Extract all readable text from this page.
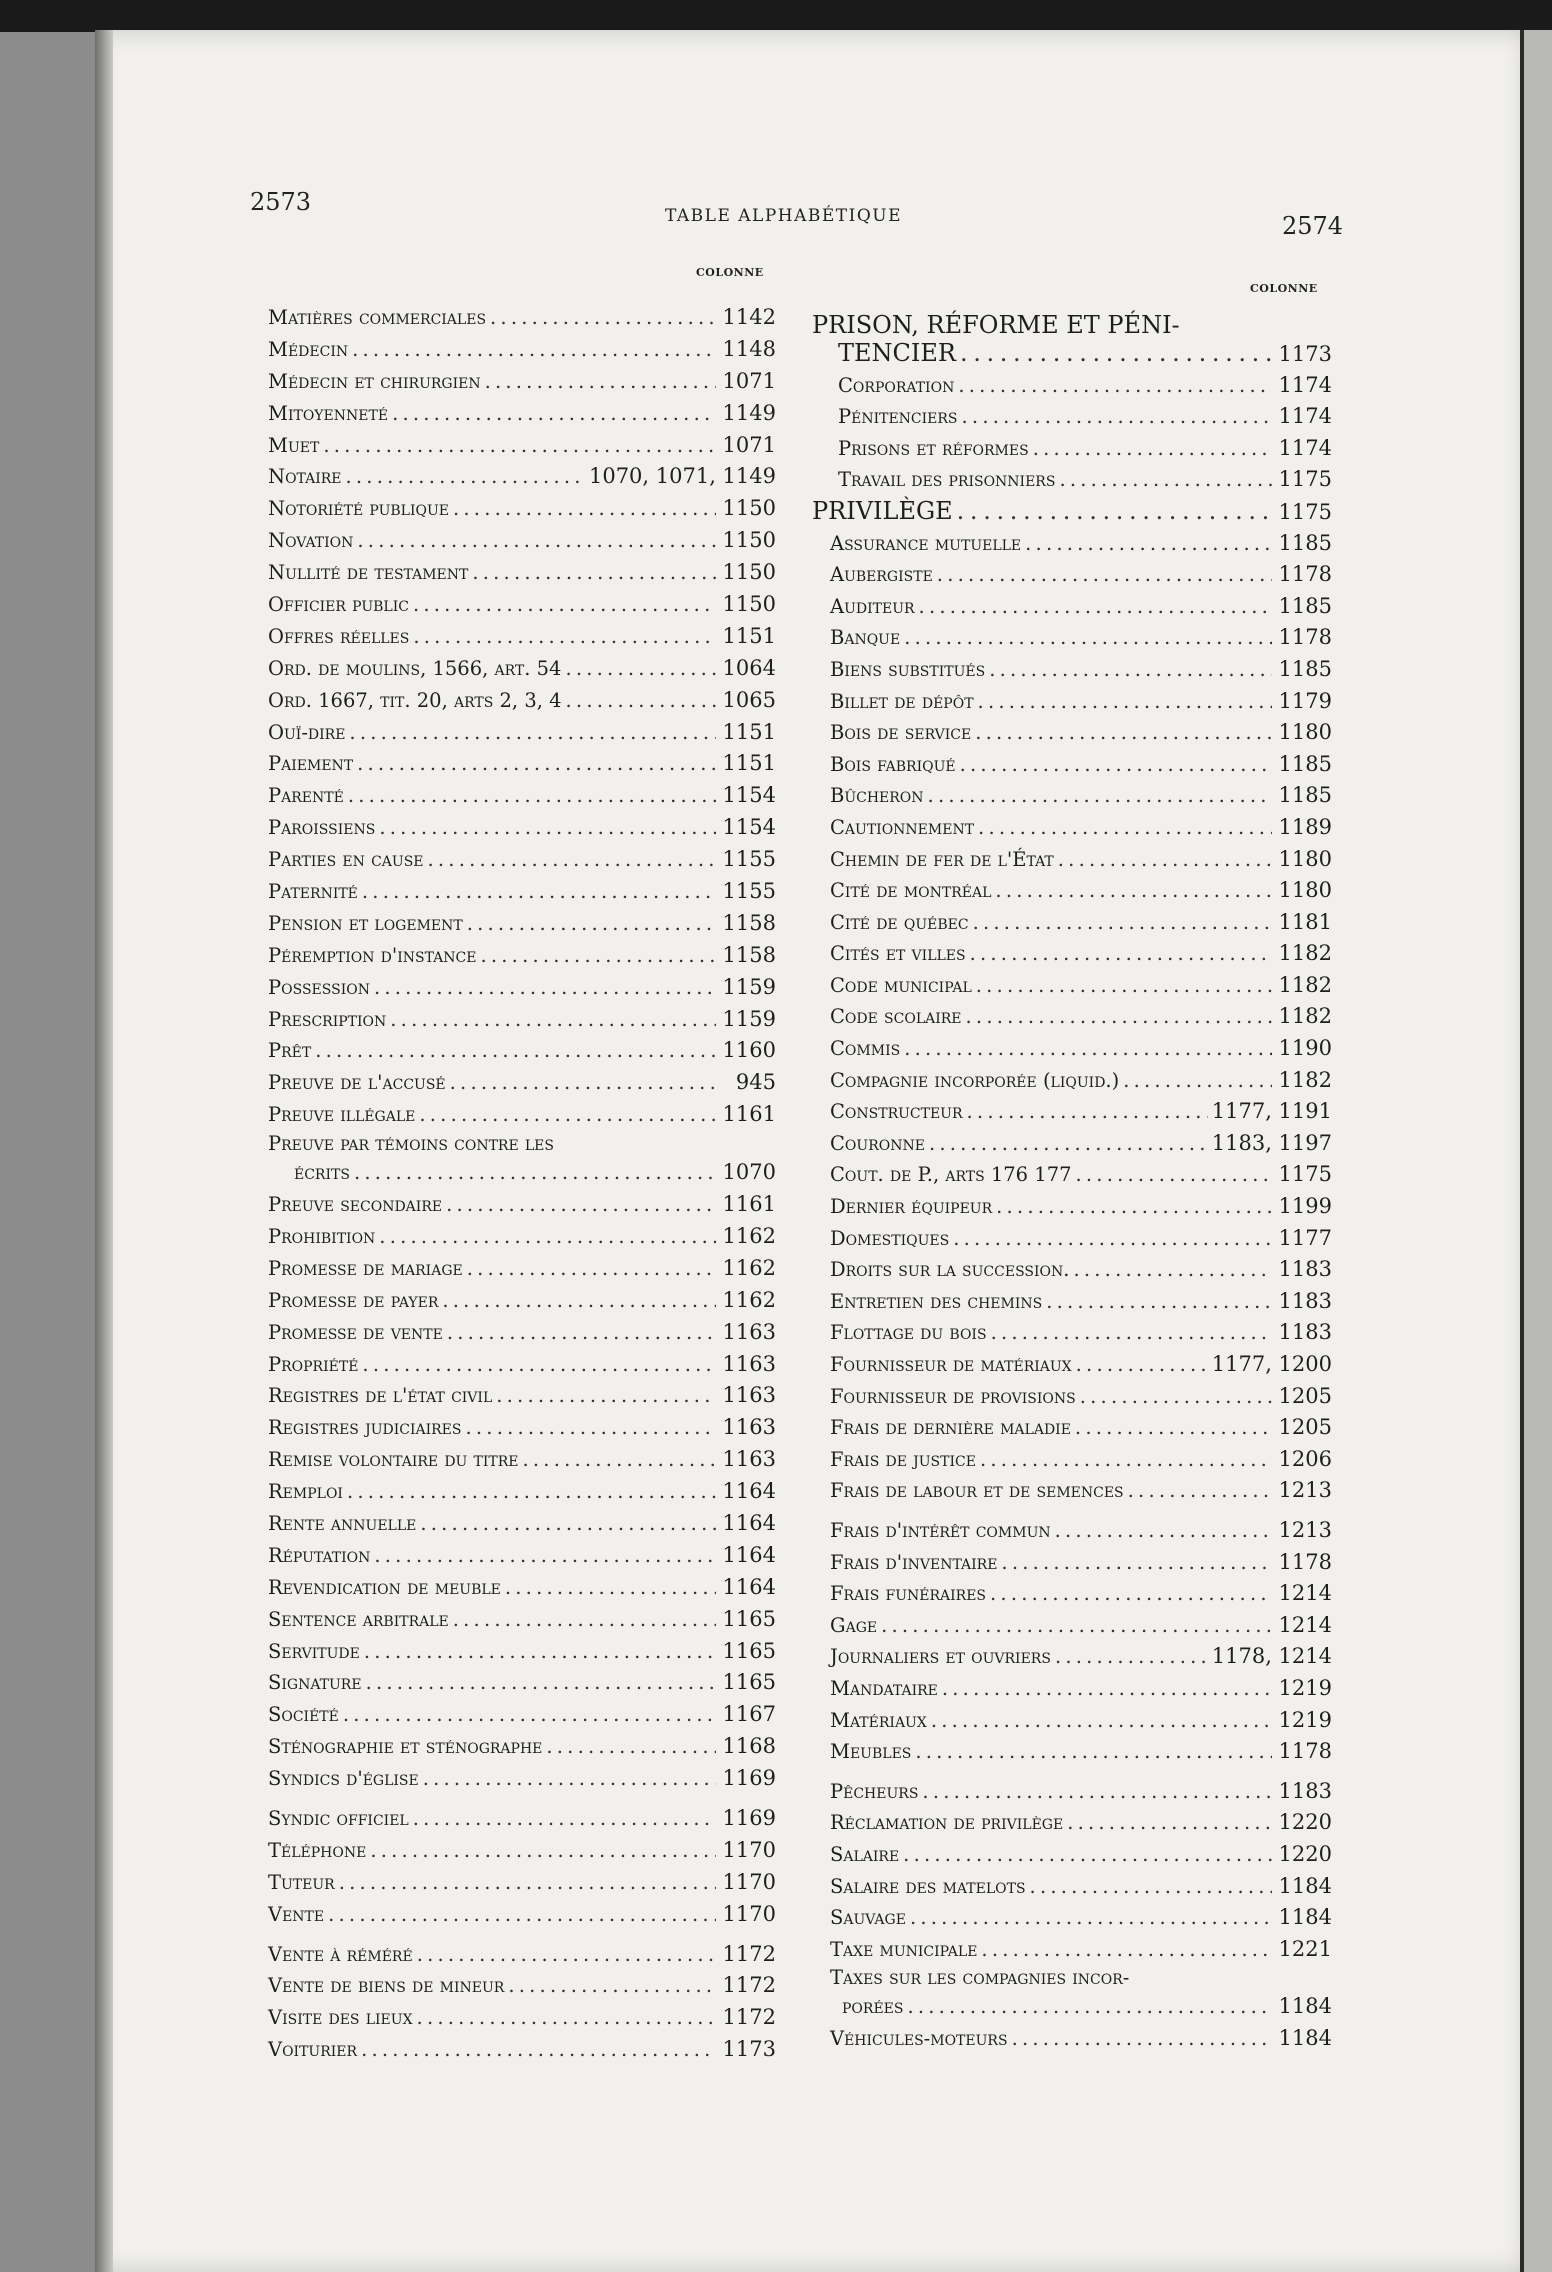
2573	TABLE ALPHABÉTIQUE	2574
COLONNE
COLONNE
Matières commerciales . . .	1142
Médecin . . .	1148
Médecin et chirurgien . . .	1071
Mitoyenneté . . .	1149
Muet . . .	1071
Notaire . . .	1070, 1071, 1149
Notoriété publique . . .	1150
Novation . . .	1150
Nullité de testament . . .	1150
Officier public . . .	1150
Offres réelles . . .	1151
Ord. de moulins, 1566, art. 54 . . .	1064
Ord. 1667, tit. 20, arts 2, 3, 4 . . .	1065
Ouï-dire . . .	1151
Paiement . . .	1151
Parenté . . .	1154
Paroissiens . . .	1154
Parties en cause . . .	1155
Paternité . . .	1155
Pension et logement . . .	1158
Péremption d'instance . . .	1158
Possession . . .	1159
Prescription . . .	1159
Prêt . . .	1160
Preuve de l'accusé . . .	945
Preuve illégale . . .	1161
Preuve par témoins contre les
écrits . . .	1070
Preuve secondaire . . .	1161
Prohibition . . .	1162
Promesse de mariage . . .	1162
Promesse de payer . . .	1162
Promesse de vente . . .	1163
Propriété . . .	1163
Registres de l'état civil . . .	1163
Registres judiciaires . . .	1163
Remise volontaire du titre . . .	1163
Remploi . . .	1164
Rente annuelle . . .	1164
Réputation . . .	1164
Revendication de meuble . . .	1164
Sentence arbitrale . . .	1165
Servitude . . .	1165
Signature . . .	1165
Société . . .	1167
Sténographie et sténographe . . .	1168
Syndics d'église . . .	1169
Syndic officiel . . .	1169
Téléphone . . .	1170
Tuteur . . .	1170
Vente . . .	1170
Vente à réméré . . .	1172
Vente de biens de mineur . . .	1172
Visite des lieux . . .	1172
Voiturier . . .	1173
PRISON, RÉFORME ET PÉNI-
TENCIER . . .	1173
Corporation . . .	1174
Pénitenciers . . .	1174
Prisons et réformes . . .	1174
Travail des prisonniers . . .	1175
PRIVILÈGE . . .	1175
Assurance mutuelle . . .	1185
Aubergiste . . .	1178
Auditeur . . .	1185
Banque . . .	1178
Biens substitués . . .	1185
Billet de dépôt . . .	1179
Bois de service . . .	1180
Bois fabriqué . . .	1185
Bûcheron . . .	1185
Cautionnement . . .	1189
Chemin de fer de l'État . . .	1180
Cité de montréal . . .	1180
Cité de québec . . .	1181
Cités et villes . . .	1182
Code municipal . . .	1182
Code scolaire . . .	1182
Commis . . .	1190
Compagnie incorporée (liquid.) . . .	1182
Constructeur . . .	1177, 1191
Couronne . . .	1183, 1197
Cout. de P., arts 176 177 . . .	1175
Dernier équipeur . . .	1199
Domestiques . . .	1177
Droits sur la succession. . . .	1183
Entretien des chemins . . .	1183
Flottage du bois . . .	1183
Fournisseur de matériaux . . .	1177, 1200
Fournisseur de provisions . . .	1205
Frais de dernière maladie . . .	1205
Frais de justice . . .	1206
Frais de labour et de semences . . .	1213
Frais d'intérêt commun . . .	1213
Frais d'inventaire . . .	1178
Frais funéraires . . .	1214
Gage . . .	1214
Journaliers et ouvriers . . .	1178, 1214
Mandataire . . .	1219
Matériaux . . .	1219
Meubles . . .	1178
Pêcheurs . . .	1183
Réclamation de privilège . . .	1220
Salaire . . .	1220
Salaire des matelots . . .	1184
Sauvage . . .	1184
Taxe municipale . . .	1221
Taxes sur les compagnies incor-
porées . . .	1184
Véhicules-moteurs . . .	1184
